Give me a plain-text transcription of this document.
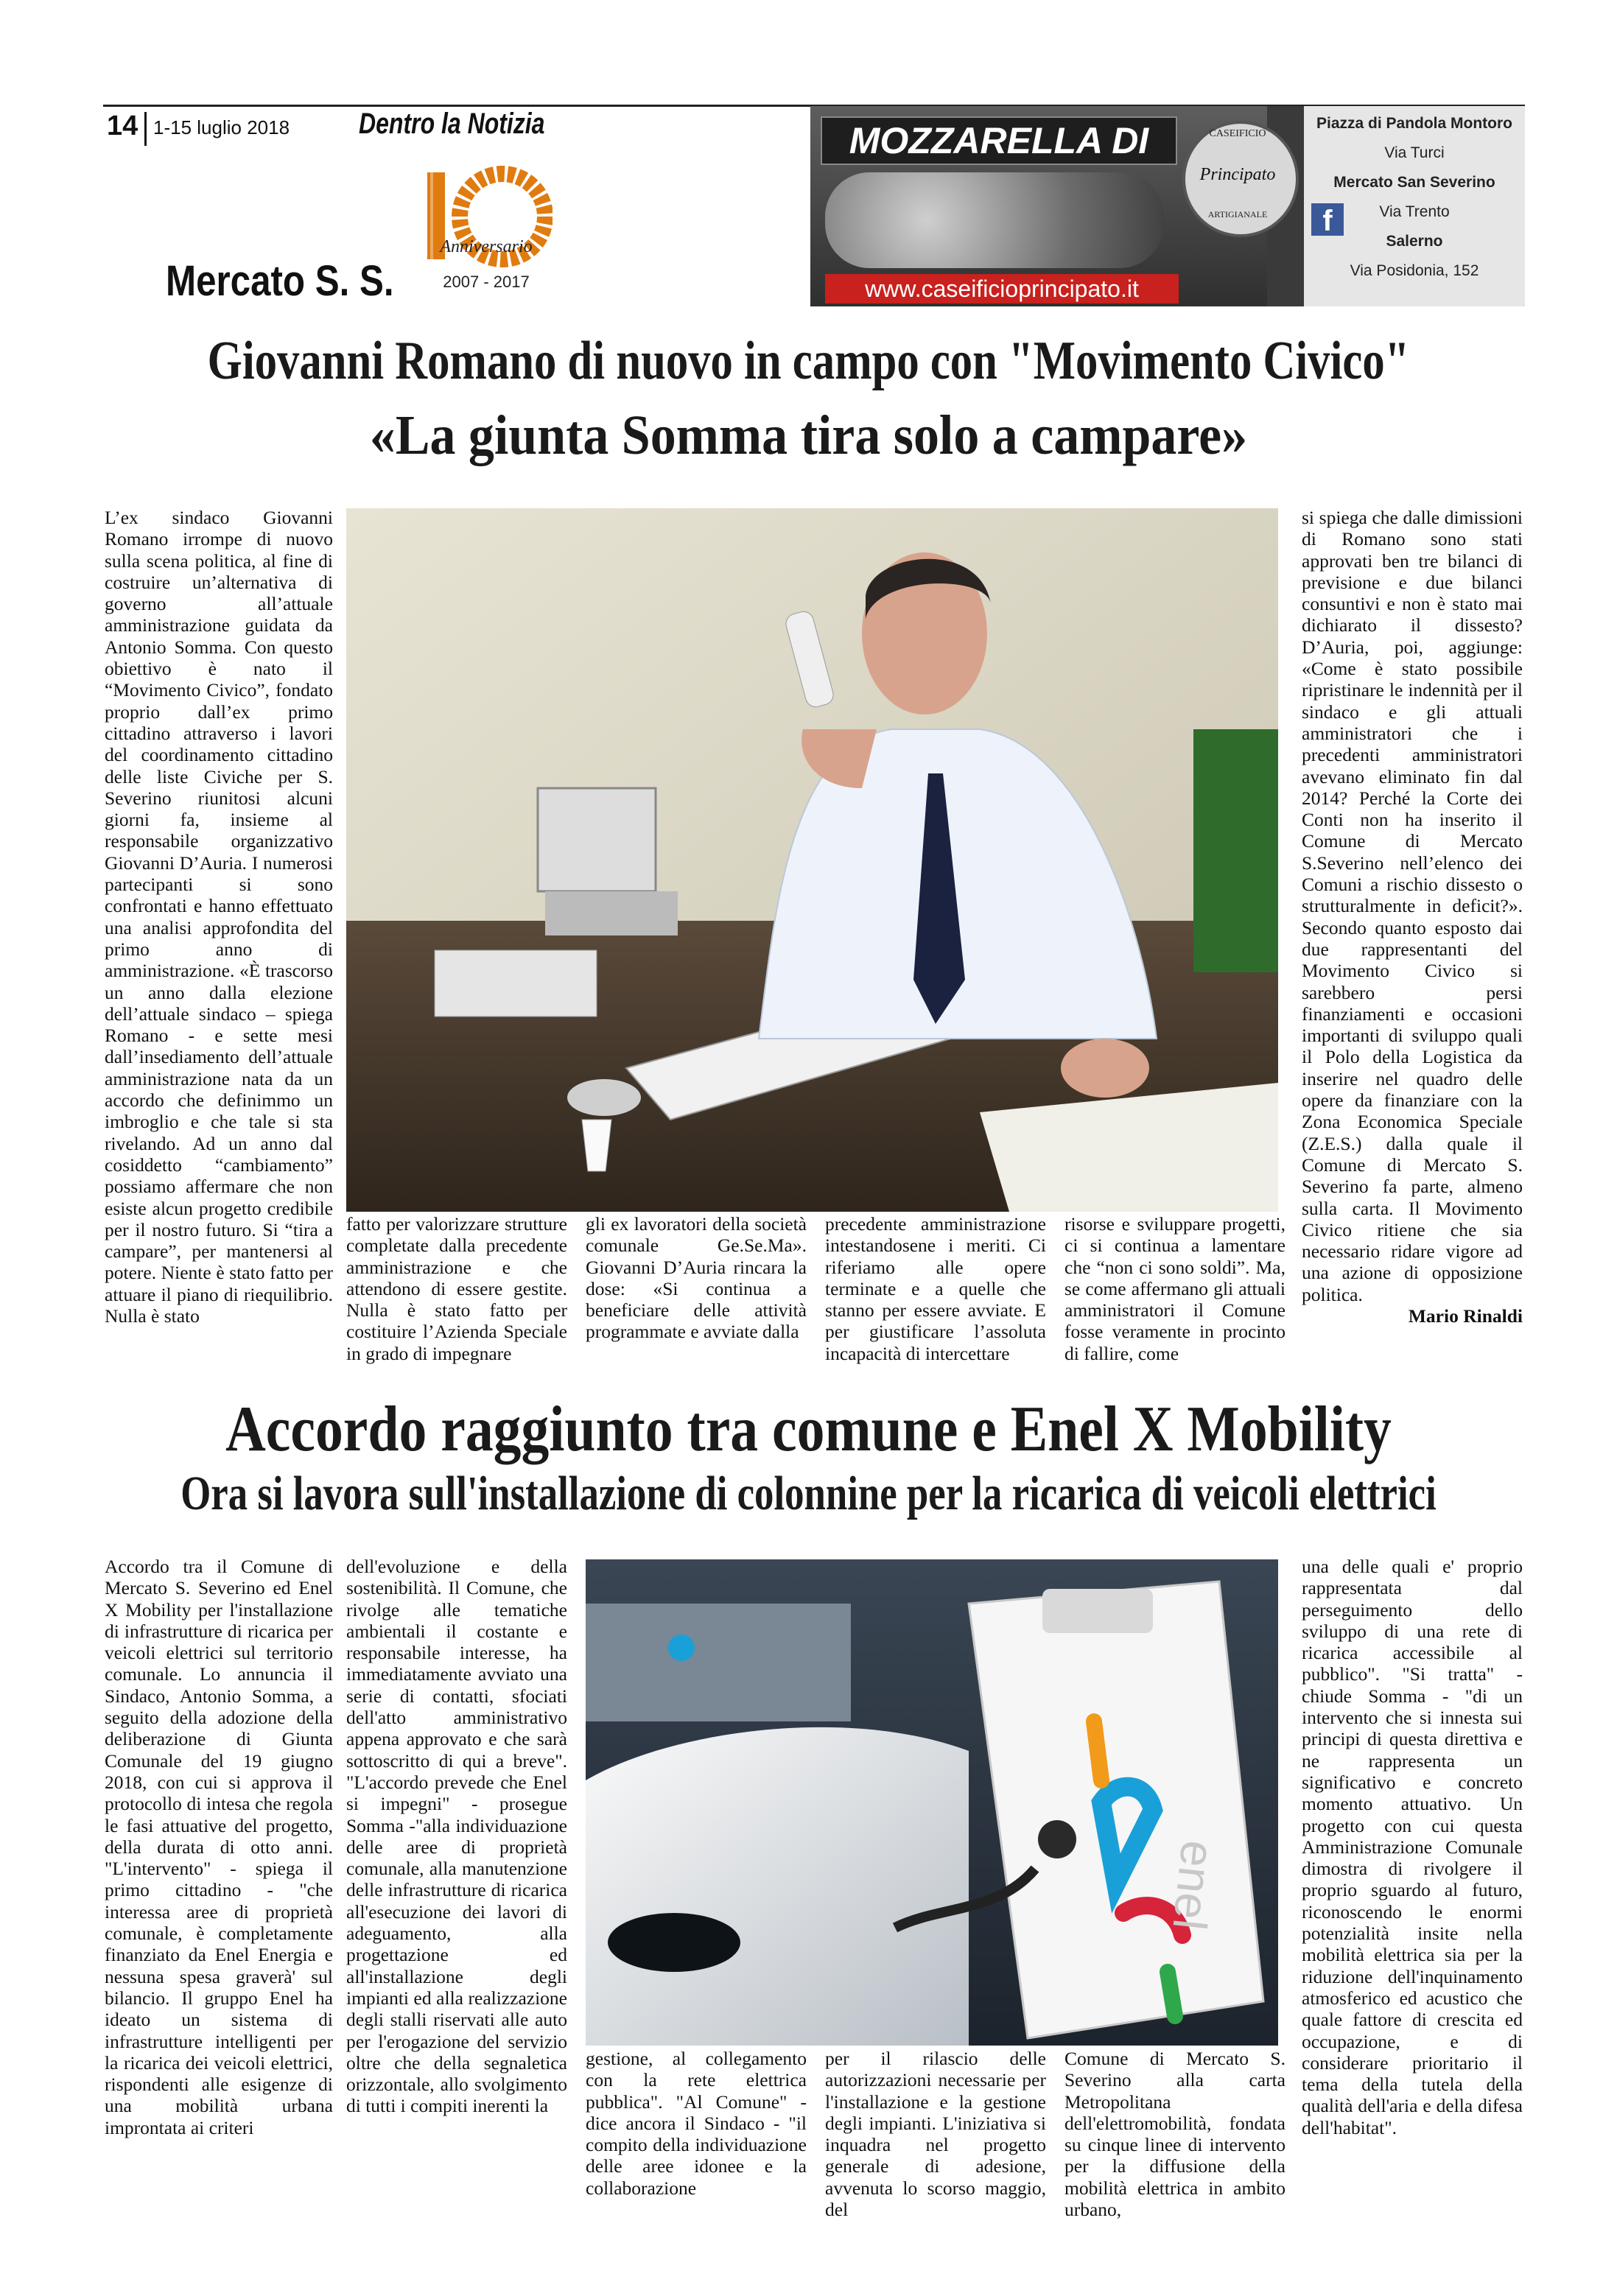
14 1-15 luglio 2018 Dentro la Notizia
Mercato S. S.
Anniversario
2007 - 2017
MOZZARELLA DI	CASEIFICIO
Principato
ARTIGIANALE
www.caseificioprincipato.it
Piazza di Pandola Montoro
Via Turci
Mercato San Severino
Via Trento
Salerno
Via Posidonia, 152
f
Giovanni Romano di nuovo in campo con "Movimento Civico"
«La giunta Somma tira solo a campare»

L’ex sindaco Giovanni Romano irrompe di nuovo sulla scena politica, al fine di costruire un’alternativa di governo all’attuale amministrazione guidata da Antonio Somma. Con questo obiettivo è nato il “Movimento Civico”, fondato proprio dall’ex primo cittadino attraverso i lavori del coordinamento cittadino delle liste Civiche per S. Severino riunitosi alcuni giorni fa, insieme al responsabile organizzativo Giovanni D’Auria. I numerosi partecipanti si sono confrontati e hanno effettuato una analisi approfondita del primo anno di amministrazione. «È trascorso un anno dalla elezione dell’attuale sindaco – spiega Romano - e sette mesi dall’insediamento dell’attuale amministrazione nata da un accordo che definimmo un imbroglio e che tale si sta rivelando. Ad un anno dal cosiddetto “cambiamento” possiamo affermare che non esiste alcun progetto credibile per il nostro futuro. Si “tira a campare”, per mantenersi al potere. Niente è stato fatto per attuare il piano di riequilibrio. Nulla è stato

fatto per valorizzare strutture completate dalla precedente amministrazione e che attendono di essere gestite. Nulla è stato fatto per costituire l’Azienda Speciale in grado di impegnare

gli ex lavoratori della società comunale Ge.Se.Ma». Giovanni D’Auria rincara la dose: «Si continua a beneficiare delle attività programmate e avviate dalla

precedente amministrazione intestandosene i meriti. Ci riferiamo alle opere terminate e a quelle che stanno per essere avviate. E per giustificare l’assoluta incapacità di intercettare

risorse e sviluppare progetti, ci si continua a lamentare che “non ci sono soldi”. Ma, se come affermano gli attuali amministratori il Comune fosse veramente in procinto di fallire, come

si spiega che dalle dimissioni di Romano sono stati approvati ben tre bilanci di previsione e due bilanci consuntivi e non è stato mai dichiarato il dissesto? D’Auria, poi, aggiunge: «Come è stato possibile ripristinare le indennità per il sindaco e gli attuali amministratori che i precedenti amministratori avevano eliminato fin dal 2014? Perché la Corte dei Conti non ha inserito il Comune di Mercato S.Severino nell’elenco dei Comuni a rischio dissesto o strutturalmente in deficit?». Secondo quanto esposto dai due rappresentanti del Movimento Civico si sarebbero persi finanziamenti e occasioni importanti di sviluppo quali il Polo della Logistica da inserire nel quadro delle opere da finanziare con la Zona Economica Speciale (Z.E.S.) dalla quale il Comune di Mercato S. Severino fa parte, almeno sulla carta. Il Movimento Civico ritiene che sia necessario ridare vigore ad una azione di opposizione politica.

Mario Rinaldi

Accordo raggiunto tra comune e Enel X Mobility
Ora si lavora sull'installazione di colonnine per la ricarica di veicoli elettrici

Accordo tra il Comune di Mercato S. Severino ed Enel X Mobility per l'installazione di infrastrutture di ricarica per veicoli elettrici sul territorio comunale. Lo annuncia il Sindaco, Antonio Somma, a seguito della adozione della deliberazione di Giunta Comunale del 19 giugno 2018, con cui si approva il protocollo di intesa che regola le fasi attuative del progetto, della durata di otto anni. "L'intervento" - spiega il primo cittadino - "che interessa aree di proprietà comunale, è completamente finanziato da Enel Energia e nessuna spesa graverà' sul bilancio. Il gruppo Enel ha ideato un sistema di infrastrutture intelligenti per la ricarica dei veicoli elettrici, rispondenti alle esigenze di una mobilità urbana improntata ai criteri

dell'evoluzione e della sostenibilità. Il Comune, che rivolge alle tematiche ambientali il costante e responsabile interesse, ha immediatamente avviato una serie di contatti, sfociati dell'atto amministrativo appena approvato e che sarà sottoscritto di qui a breve". "L'accordo prevede che Enel si impegni" - prosegue Somma -"alla individuazione delle aree di proprietà comunale, alla manutenzione delle infrastrutture di ricarica all'esecuzione dei lavori di adeguamento, alla progettazione ed all'installazione degli impianti ed alla realizzazione degli stalli riservati alle auto per l'erogazione del servizio oltre che della segnaletica orizzontale, allo svolgimento di tutti i compiti inerenti la

enel

gestione, al collegamento con la rete elettrica pubblica". "Al Comune" - dice ancora il Sindaco - "il compito della individuazione delle aree idonee e la collaborazione

per il rilascio delle autorizzazioni necessarie per l'installazione e la gestione degli impianti. L'iniziativa si inquadra nel progetto generale di adesione, avvenuta lo scorso maggio, del

Comune di Mercato S. Severino alla carta Metropolitana dell'elettromobilità, fondata su cinque linee di intervento per la diffusione della mobilità elettrica in ambito urbano,

una delle quali e' proprio rappresentata dal perseguimento dello sviluppo di una rete di ricarica accessibile al pubblico". "Si tratta" - chiude Somma - "di un intervento che si innesta sui principi di questa direttiva e ne rappresenta un significativo e concreto momento attuativo. Un progetto con cui questa Amministrazione Comunale dimostra di rivolgere il proprio sguardo al futuro, riconoscendo le enormi potenzialità insite nella mobilità elettrica sia per la riduzione dell'inquinamento atmosferico ed acustico che quale fattore di crescita ed occupazione, e di considerare prioritario il tema della tutela della qualità dell'aria e della difesa dell'habitat".
